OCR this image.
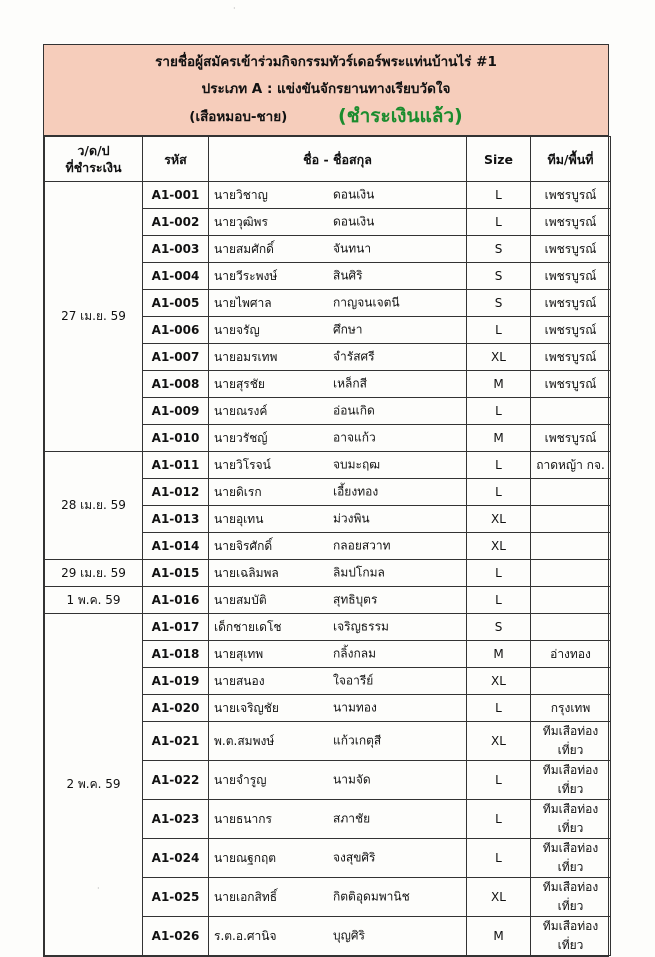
รายชื่อผู้สมัครเข้าร่วมกิจกรรมทัวร์เดอร์พระแท่นบ้านไร่ #1
ประเภท A : แข่งขันจักรยานทางเรียบวัดใจ
(เสือหมอบ-ชาย)	(ชำระเงินแล้ว)
ว/ด/ป
ที่ชำระเงิน	รหัส	ชื่อ - ชื่อสกุล	Size	ทีม/พื้นที่
27 เม.ย. 59	A1-001	นายวิชาญ ดอนเงิน	L	เพชรบูรณ์
	A1-002	นายวุฒิพร ดอนเงิน	L	เพชรบูรณ์
	A1-003	นายสมศักดิ์ จันทนา	S	เพชรบูรณ์
	A1-004	นายวีระพงษ์ สินศิริ	S	เพชรบูรณ์
	A1-005	นายไพศาล กาญจนเจตนี	S	เพชรบูรณ์
	A1-006	นายจรัญ ศึกษา	L	เพชรบูรณ์
	A1-007	นายอมรเทพ จำรัสศรี	XL	เพชรบูรณ์
	A1-008	นายสุรชัย เหล็กสี	M	เพชรบูรณ์
	A1-009	นายณรงค์ อ่อนเกิด	L	
	A1-010	นายวรัชญ์ อาจแก้ว	M	เพชรบูรณ์
28 เม.ย. 59	A1-011	นายวิโรจน์ จบมะฤฒ	L	ถาดหญ้า กจ.
	A1-012	นายดิเรก เอี้ยงทอง	L	
	A1-013	นายอุเทน ม่วงพิน	XL	
	A1-014	นายจิรศักดิ์ กลอยสวาท	XL	
29 เม.ย. 59	A1-015	นายเฉลิมพล ลิมปโกมล	L	
1 พ.ค. 59	A1-016	นายสมบัติ สุทธิบุตร	L	
2 พ.ค. 59	A1-017	เด็กชายเดโช เจริญธรรม	S	
	A1-018	นายสุเทพ กลิ้งกลม	M	อ่างทอง
	A1-019	นายสนอง ใจอารีย์	XL	
	A1-020	นายเจริญชัย นามทอง	L	กรุงเทพ
	A1-021	พ.ต.สมพงษ์ แก้วเกตุสี	XL	ทีมเสือท่องเที่ยว
	A1-022	นายจำรูญ นามจัด	L	ทีมเสือท่องเที่ยว
	A1-023	นายธนากร สภาชัย	L	ทีมเสือท่องเที่ยว
	A1-024	นายณฐกฤต จงสุขศิริ	L	ทีมเสือท่องเที่ยว
	A1-025	นายเอกสิทธิ์ กิตติอุดมพานิช	XL	ทีมเสือท่องเที่ยว
	A1-026	ร.ต.อ.ศานิจ บุญศิริ	M	ทีมเสือท่องเที่ยว
·
·
